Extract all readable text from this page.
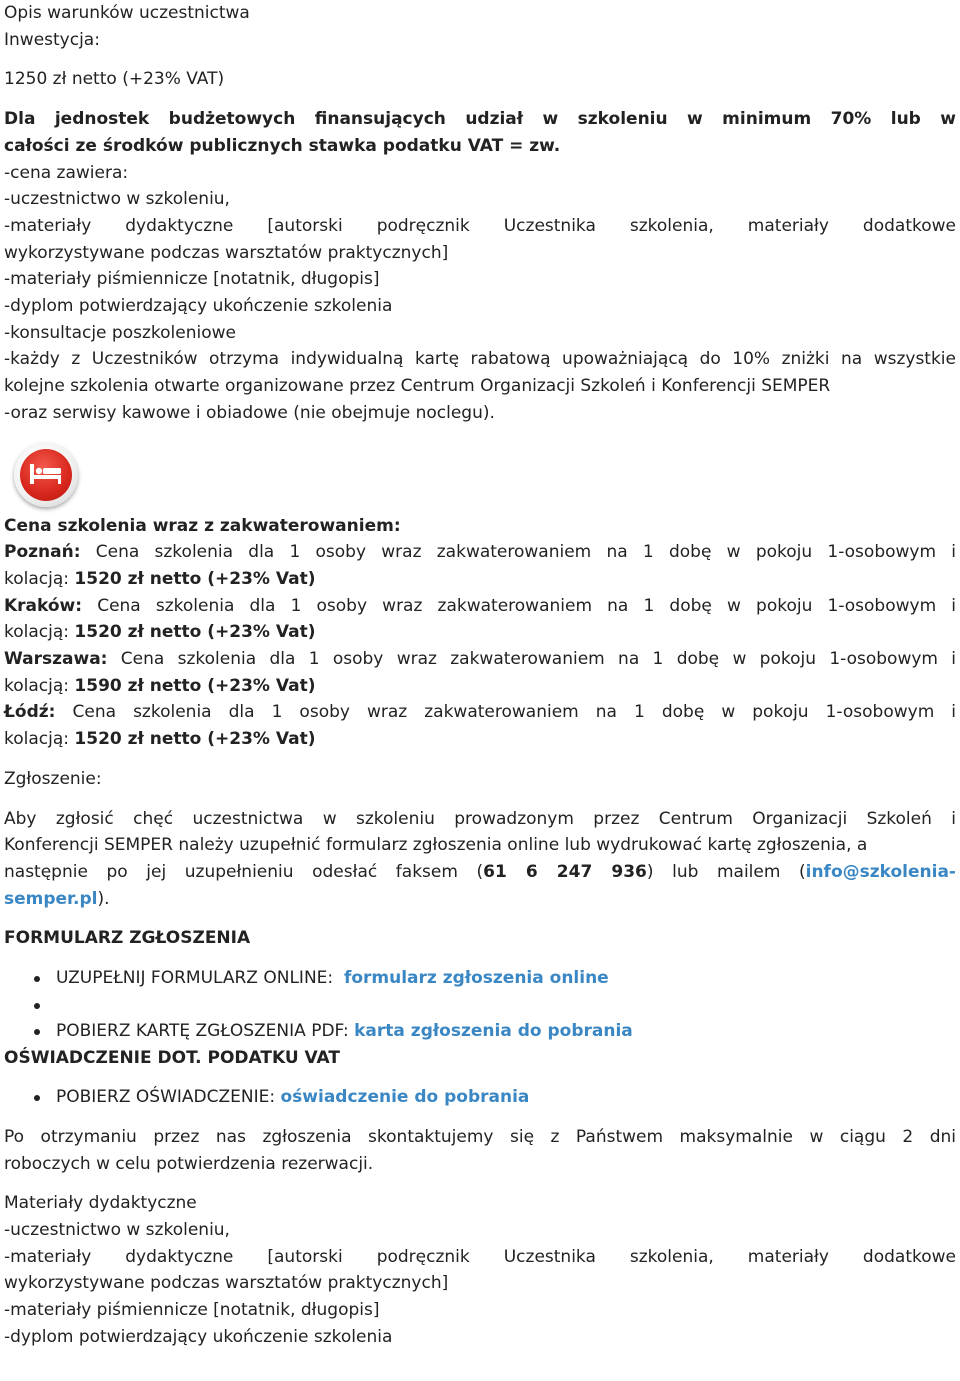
Opis warunków uczestnictwa
Inwestycja:
1250 zł netto (+23% VAT)
Dla jednostek budżetowych finansujących udział w szkoleniu w minimum 70% lub w
całości ze środków publicznych stawka podatku VAT = zw.
-cena zawiera:
-uczestnictwo w szkoleniu,
-materiały dydaktyczne [autorski podręcznik Uczestnika szkolenia, materiały dodatkowe
wykorzystywane podczas warsztatów praktycznych]
-materiały piśmiennicze [notatnik, długopis]
-dyplom potwierdzający ukończenie szkolenia
-konsultacje poszkoleniowe
-każdy z Uczestników otrzyma indywidualną kartę rabatową upoważniającą do 10% zniżki na wszystkie
kolejne szkolenia otwarte organizowane przez Centrum Organizacji Szkoleń i Konferencji SEMPER
-oraz serwisy kawowe i obiadowe (nie obejmuje noclegu).
Cena szkolenia wraz z zakwaterowaniem:
Poznań: Cena szkolenia dla 1 osoby wraz zakwaterowaniem na 1 dobę w pokoju 1-osobowym i
kolacją: 1520 zł netto (+23% Vat)
Kraków: Cena szkolenia dla 1 osoby wraz zakwaterowaniem na 1 dobę w pokoju 1-osobowym i
kolacją: 1520 zł netto (+23% Vat)
Warszawa: Cena szkolenia dla 1 osoby wraz zakwaterowaniem na 1 dobę w pokoju 1-osobowym i
kolacją: 1590 zł netto (+23% Vat)
Łódź: Cena szkolenia dla 1 osoby wraz zakwaterowaniem na 1 dobę w pokoju 1-osobowym i
kolacją: 1520 zł netto (+23% Vat)
Zgłoszenie:
Aby zgłosić chęć uczestnictwa w szkoleniu prowadzonym przez Centrum Organizacji Szkoleń i
Konferencji SEMPER należy uzupełnić formularz zgłoszenia online lub wydrukować kartę zgłoszenia, a
następnie po jej uzupełnieniu odesłać faksem (61 6 247 936) lub mailem (info@szkolenia-
semper.pl).
FORMULARZ ZGŁOSZENIA
UZUPEŁNIJ FORMULARZ ONLINE: formularz zgłoszenia online
POBIERZ KARTĘ ZGŁOSZENIA PDF: karta zgłoszenia do pobrania
OŚWIADCZENIE DOT. PODATKU VAT
POBIERZ OŚWIADCZENIE: oświadczenie do pobrania
Po otrzymaniu przez nas zgłoszenia skontaktujemy się z Państwem maksymalnie w ciągu 2 dni
roboczych w celu potwierdzenia rezerwacji.
Materiały dydaktyczne
-uczestnictwo w szkoleniu,
-materiały dydaktyczne [autorski podręcznik Uczestnika szkolenia, materiały dodatkowe
wykorzystywane podczas warsztatów praktycznych]
-materiały piśmiennicze [notatnik, długopis]
-dyplom potwierdzający ukończenie szkolenia
